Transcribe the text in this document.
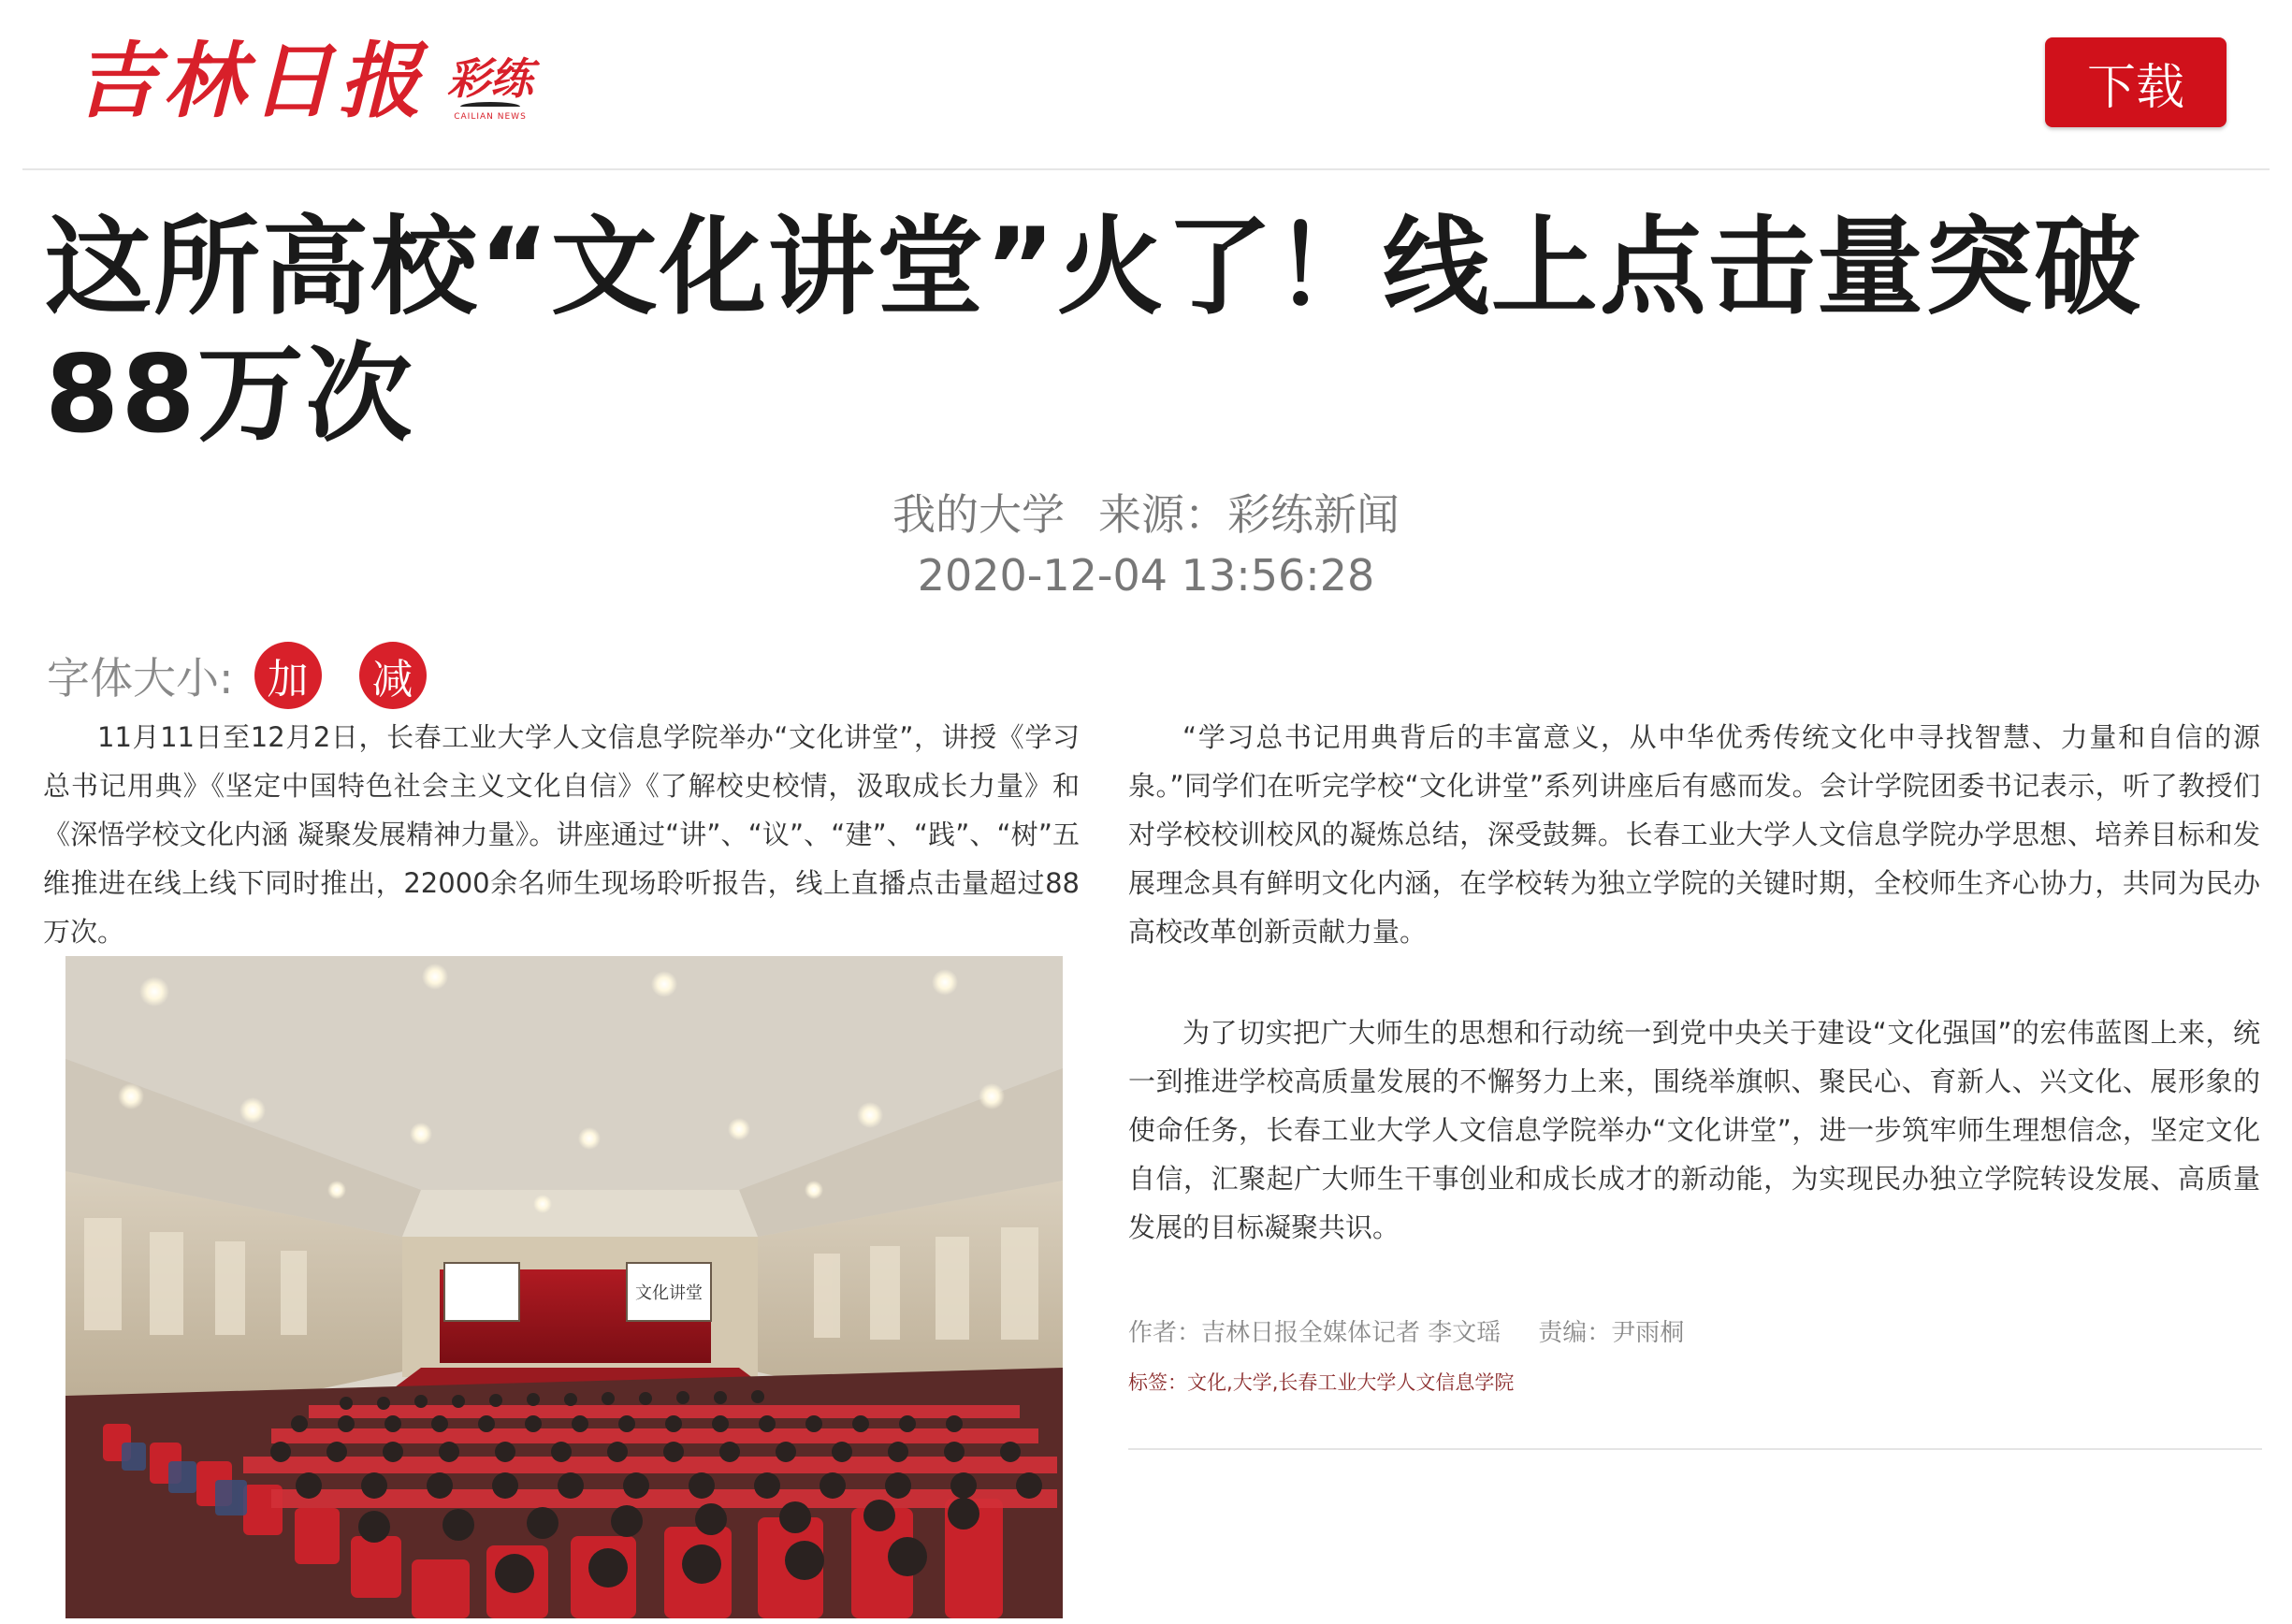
吉林日报 彩练
CAILIAN NEWS
下载
这所高校“文化讲堂”火了！线上点击量突破88万次
我的大学 来源：彩练新闻
2020-12-04 13:56:28
字体大小: 加	减

11月11日至12月2日，长春工业大学人文信息学院举办“文化讲堂”，讲授《学习总书记用典》《坚定中国特色社会主义文化自信》《了解校史校情，汲取成长力量》和《深悟学校文化内涵 凝聚发展精神力量》。讲座通过“讲”、“议”、“建”、“践”、“树”五维推进在线上线下同时推出，22000余名师生现场聆听报告，线上直播点击量超过88万次。

文化讲堂

“学习总书记用典背后的丰富意义，从中华优秀传统文化中寻找智慧、力量和自信的源泉。”同学们在听完学校“文化讲堂”系列讲座后有感而发。会计学院团委书记表示，听了教授们对学校校训校风的凝炼总结，深受鼓舞。长春工业大学人文信息学院办学思想、培养目标和发展理念具有鲜明文化内涵，在学校转为独立学院的关键时期，全校师生齐心协力，共同为民办高校改革创新贡献力量。

为了切实把广大师生的思想和行动统一到党中央关于建设“文化强国”的宏伟蓝图上来，统一到推进学校高质量发展的不懈努力上来，围绕举旗帜、聚民心、育新人、兴文化、展形象的使命任务，长春工业大学人文信息学院举办“文化讲堂”，进一步筑牢师生理想信念，坚定文化自信，汇聚起广大师生干事创业和成长成才的新动能，为实现民办独立学院转设发展、高质量发展的目标凝聚共识。

作者：吉林日报全媒体记者 李文瑶 责编：尹雨桐
标签：文化,大学,长春工业大学人文信息学院
